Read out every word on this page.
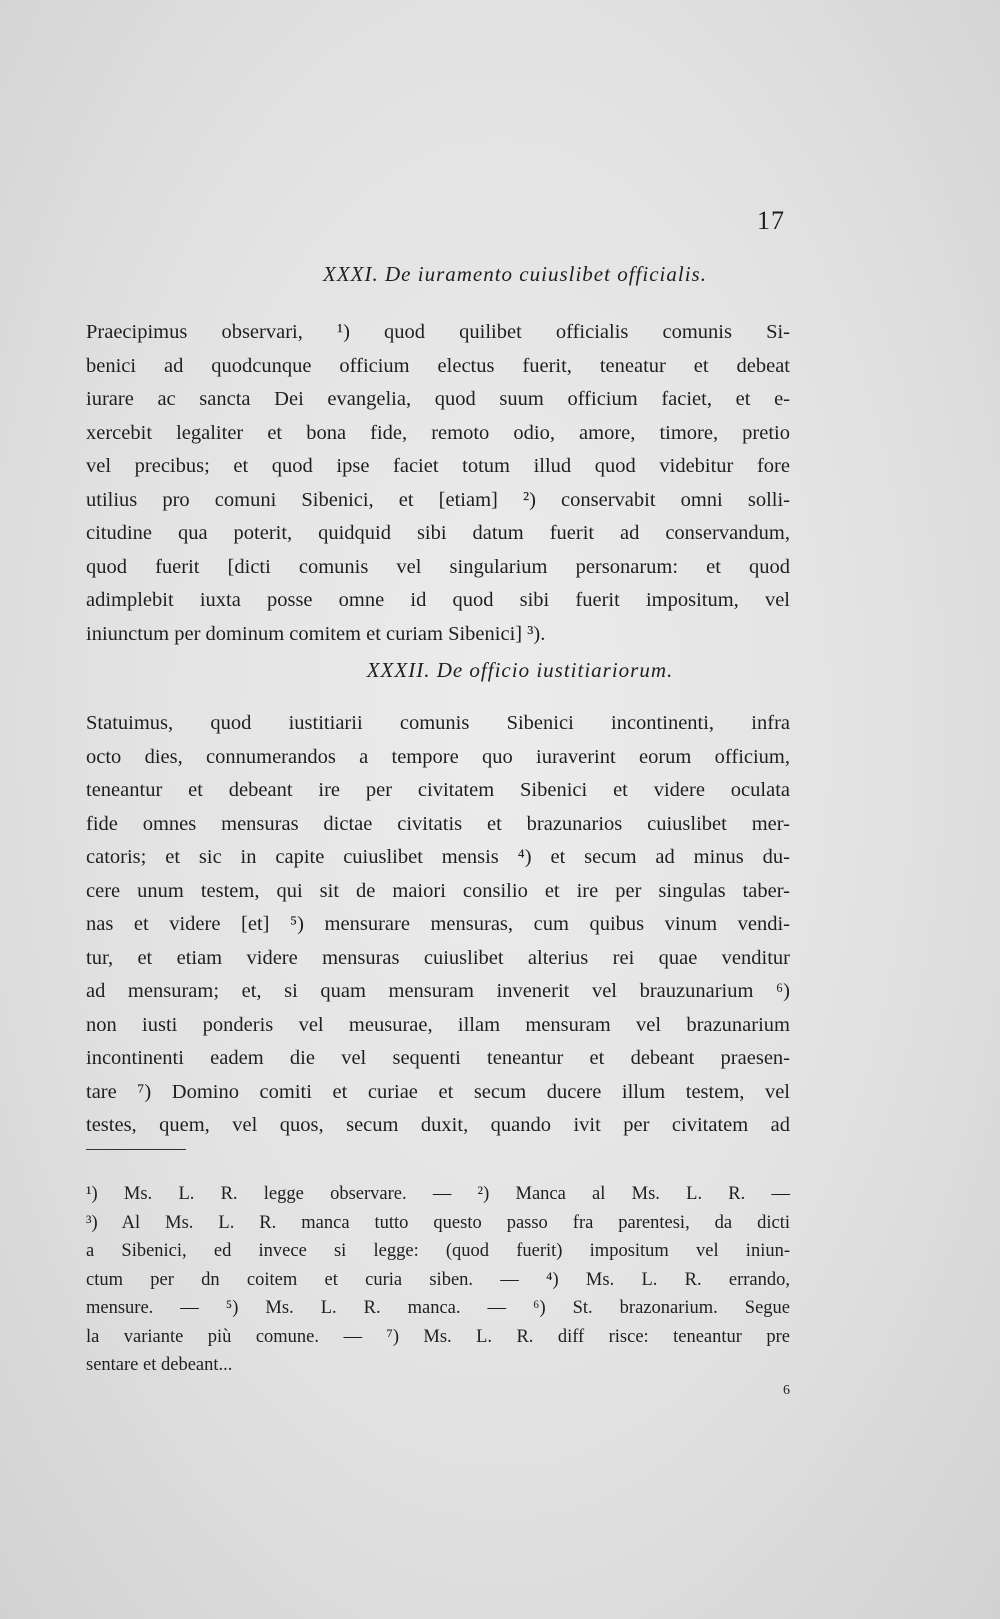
17
XXXI. De iuramento cuiuslibet officialis.
Praecipimus observari, ¹) quod quilibet officialis comunis Si-
benici ad quodcunque officium electus fuerit, teneatur et debeat
iurare ac sancta Dei evangelia, quod suum officium faciet, et e-
xercebit legaliter et bona fide, remoto odio, amore, timore, pretio
vel precibus; et quod ipse faciet totum illud quod videbitur fore
utilius pro comuni Sibenici, et [etiam] ²) conservabit omni solli-
citudine qua poterit, quidquid sibi datum fuerit ad conservandum,
quod fuerit [dicti comunis vel singularium personarum: et quod
adimplebit iuxta posse omne id quod sibi fuerit impositum, vel
iniunctum per dominum comitem et curiam Sibenici] ³).
XXXII. De officio iustitiariorum.
Statuimus, quod iustitiarii comunis Sibenici incontinenti, infra
octo dies, connumerandos a tempore quo iuraverint eorum officium,
teneantur et debeant ire per civitatem Sibenici et videre oculata
fide omnes mensuras dictae civitatis et brazunarios cuiuslibet mer-
catoris; et sic in capite cuiuslibet mensis ⁴) et secum ad minus du-
cere unum testem, qui sit de maiori consilio et ire per singulas taber-
nas et videre [et] ⁵) mensurare mensuras, cum quibus vinum vendi-
tur, et etiam videre mensuras cuiuslibet alterius rei quae venditur
ad mensuram; et, si quam mensuram invenerit vel brauzunarium ⁶)
non iusti ponderis vel meusurae, illam mensuram vel brazunarium
incontinenti eadem die vel sequenti teneantur et debeant praesen-
tare ⁷) Domino comiti et curiae et secum ducere illum testem, vel
testes, quem, vel quos, secum duxit, quando ivit per civitatem ad
¹) Ms. L. R. legge observare. — ²) Manca al Ms. L. R. —
³) Al Ms. L. R. manca tutto questo passo fra parentesi, da dicti
a Sibenici, ed invece si legge: (quod fuerit) impositum vel iniun-
ctum per dn coitem et curia siben. — ⁴) Ms. L. R. errando,
mensure. — ⁵) Ms. L. R. manca. — ⁶) St. brazonarium. Segue
la variante più comune. — ⁷) Ms. L. R. diff risce: teneantur pre
sentare et debeant...
6
